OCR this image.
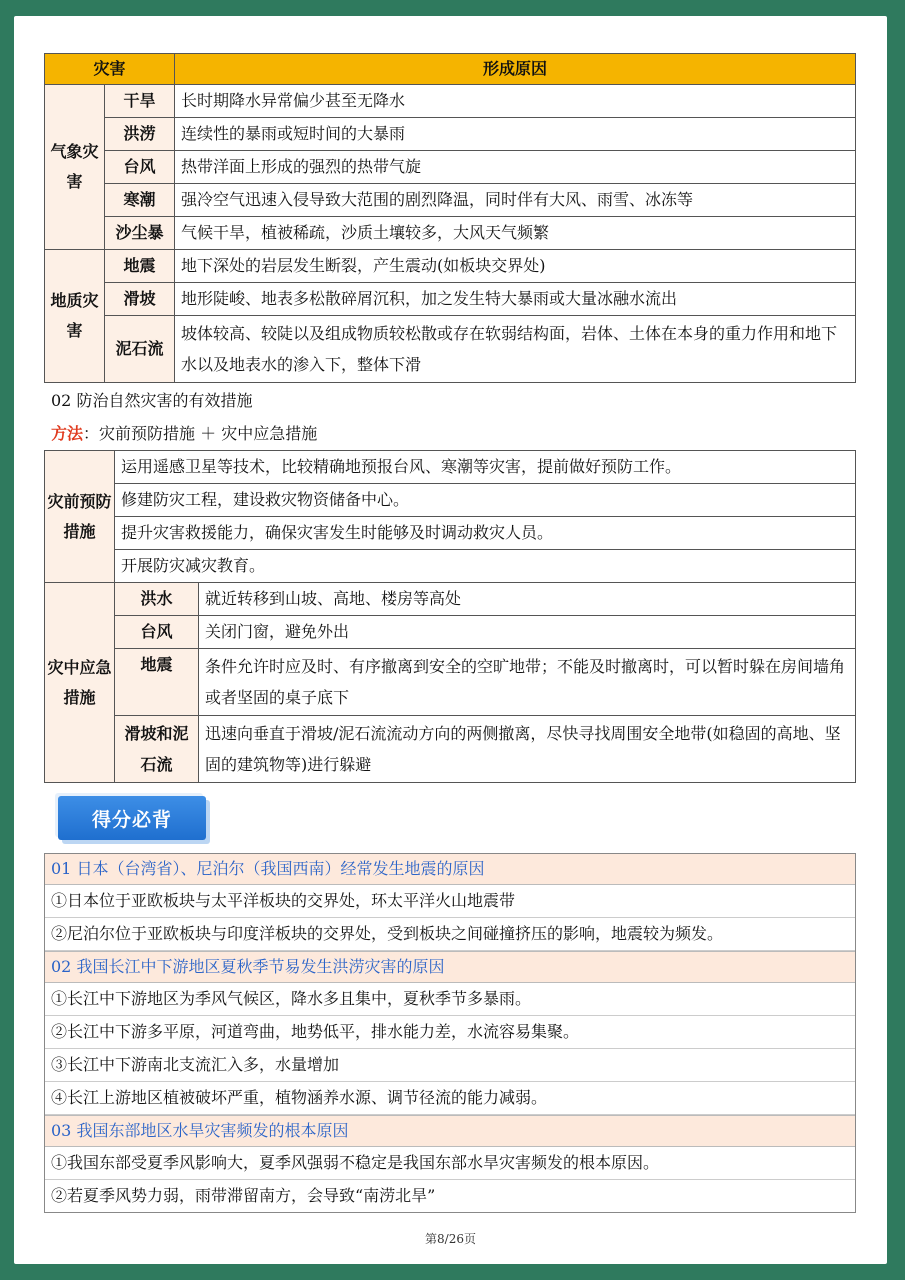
灾害		形成原因
气象灾害	干旱	长时期降水异常偏少甚至无降水
	洪涝	连续性的暴雨或短时间的大暴雨
	台风	热带洋面上形成的强烈的热带气旋
	寒潮	强冷空气迅速入侵导致大范围的剧烈降温，同时伴有大风、雨雪、冰冻等
	沙尘暴	气候干旱，植被稀疏，沙质土壤较多，大风天气频繁
地质灾害	地震	地下深处的岩层发生断裂，产生震动(如板块交界处)
	滑坡	地形陡峻、地表多松散碎屑沉积，加之发生特大暴雨或大量冰融水流出
	泥石流	坡体较高、较陡以及组成物质较松散或存在软弱结构面，岩体、土体在本身的重力作用和地下水以及地表水的渗入下，整体下滑
02 防治自然灾害的有效措施
方法：灾前预防措施 ＋ 灾中应急措施
灾前预防措施	运用遥感卫星等技术，比较精确地预报台风、寒潮等灾害，提前做好预防工作。	
	修建防灾工程，建设救灾物资储备中心。	
	提升灾害救援能力，确保灾害发生时能够及时调动救灾人员。	
	开展防灾减灾教育。	
灾中应急措施	洪水	就近转移到山坡、高地、楼房等高处
	台风	关闭门窗，避免外出
	地震	条件允许时应及时、有序撤离到安全的空旷地带；不能及时撤离时，可以暂时躲在房间墙角或者坚固的桌子底下
	滑坡和泥石流	迅速向垂直于滑坡/泥石流流动方向的两侧撤离，尽快寻找周围安全地带(如稳固的高地、坚固的建筑物等)进行躲避
得分必背
01 日本（台湾省）、尼泊尔（我国西南）经常发生地震的原因
①日本位于亚欧板块与太平洋板块的交界处，环太平洋火山地震带
②尼泊尔位于亚欧板块与印度洋板块的交界处，受到板块之间碰撞挤压的影响，地震较为频发。
02 我国长江中下游地区夏秋季节易发生洪涝灾害的原因
①长江中下游地区为季风气候区，降水多且集中，夏秋季节多暴雨。
②长江中下游多平原，河道弯曲，地势低平，排水能力差，水流容易集聚。
③长江中下游南北支流汇入多，水量增加
④长江上游地区植被破坏严重，植物涵养水源、调节径流的能力减弱。
03 我国东部地区水旱灾害频发的根本原因
①我国东部受夏季风影响大，夏季风强弱不稳定是我国东部水旱灾害频发的根本原因。
②若夏季风势力弱，雨带滞留南方，会导致“南涝北旱”
第8/26页
